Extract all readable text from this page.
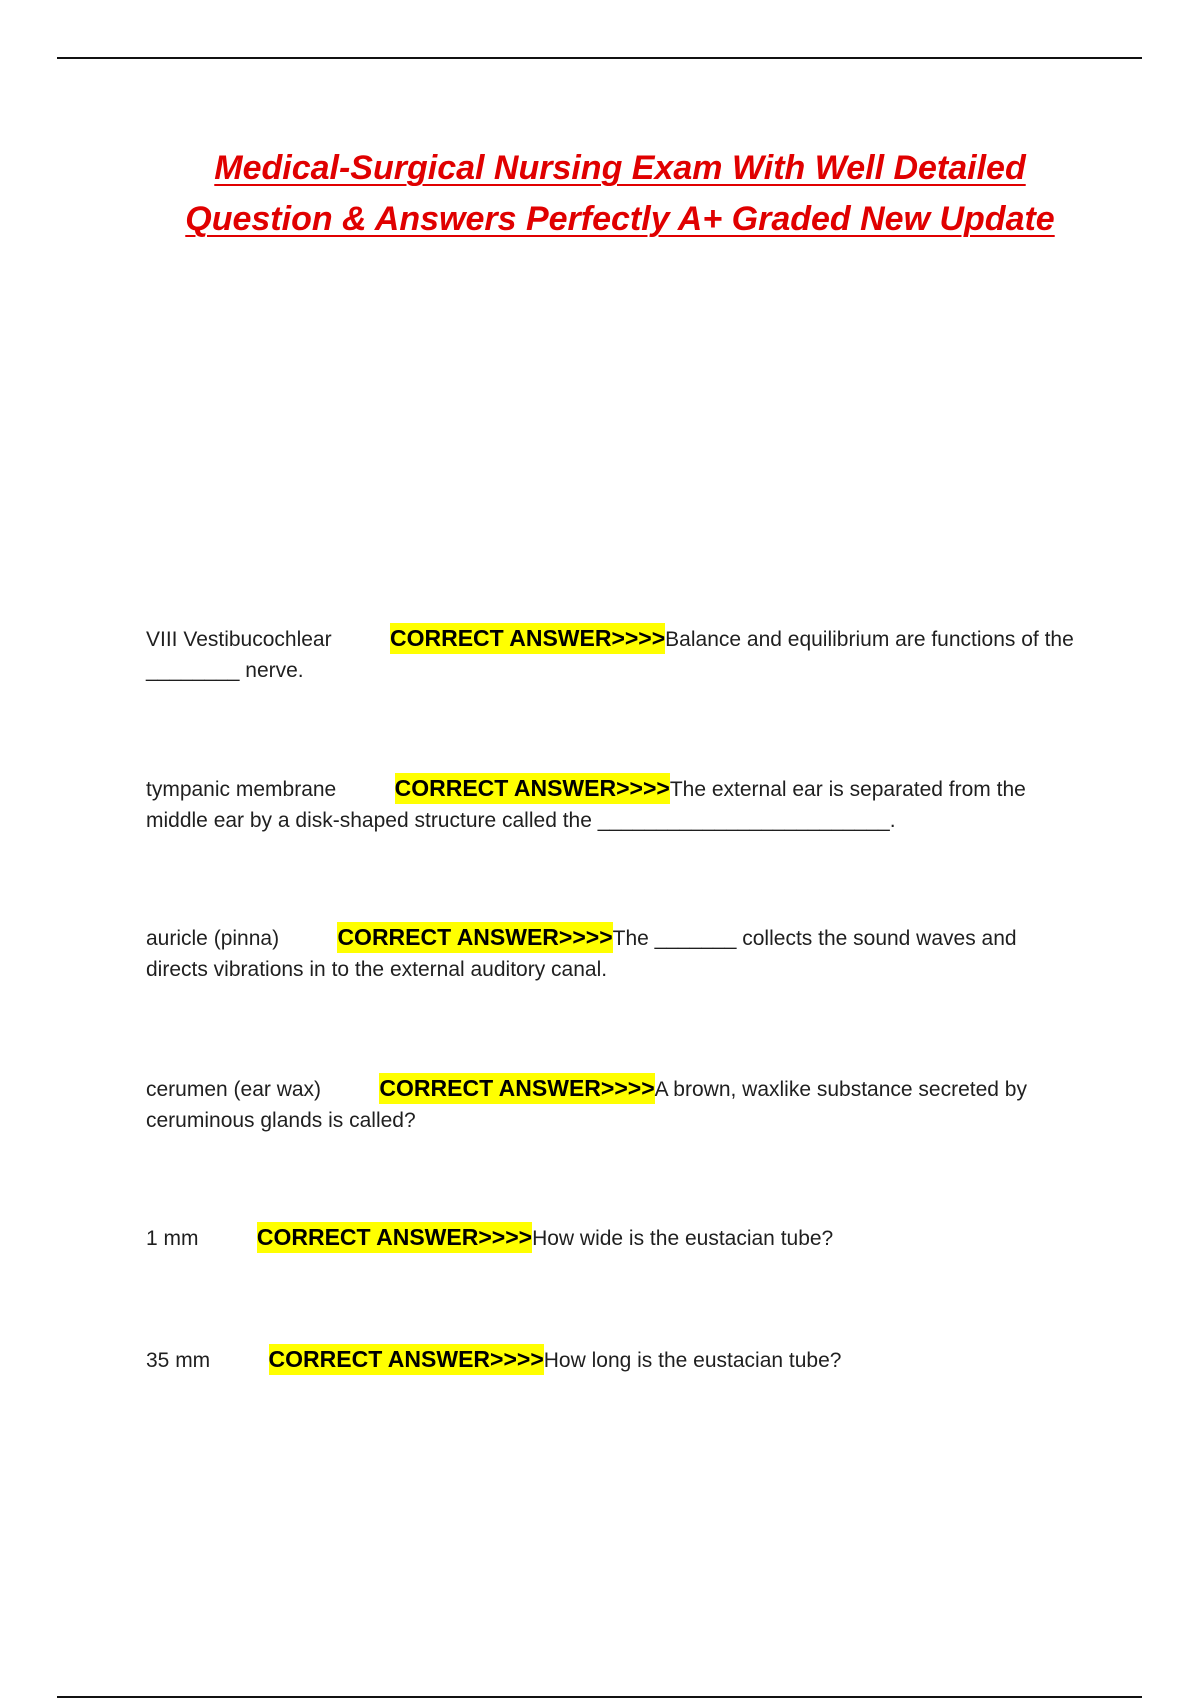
Medical-Surgical Nursing Exam With Well Detailed
Question & Answers Perfectly A+ Graded New Update

VIII Vestibucochlear	CORRECT ANSWER>>>>Balance and equilibrium are functions of the ________ nerve.

tympanic membrane	CORRECT ANSWER>>>>The external ear is separated from the middle ear by a disk-shaped structure called the _________________________.

auricle (pinna)	CORRECT ANSWER>>>>The _______ collects the sound waves and directs vibrations in to the external auditory canal.

cerumen (ear wax)	CORRECT ANSWER>>>>A brown, waxlike substance secreted by ceruminous glands is called?

1 mm	CORRECT ANSWER>>>>How wide is the eustacian tube?

35 mm	CORRECT ANSWER>>>>How long is the eustacian tube?
